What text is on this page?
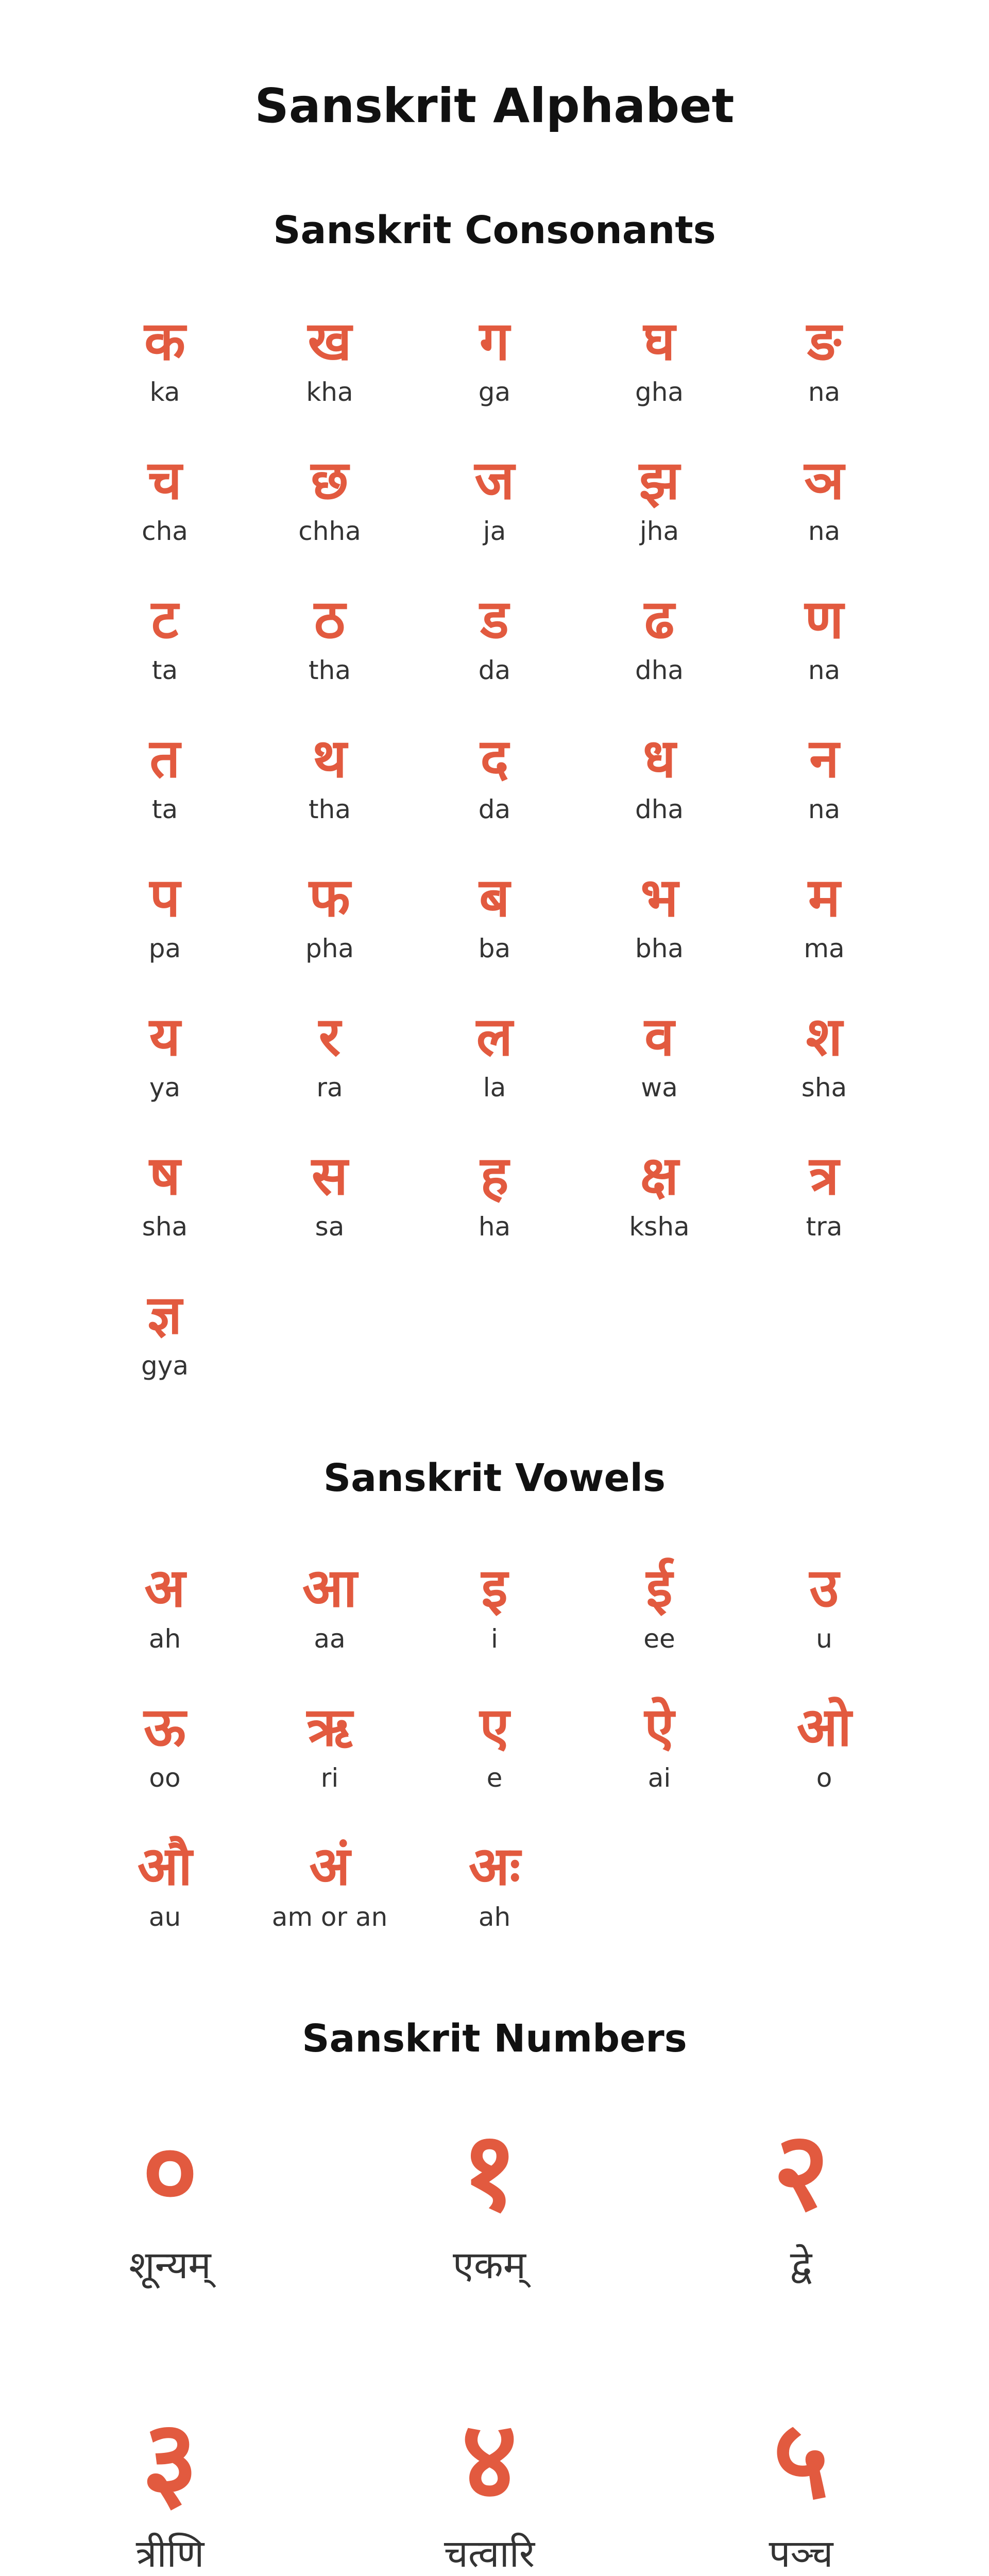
Sanskrit Alphabet
Sanskrit Consonants
क
ka
ख
kha
ग
ga
घ
gha
ङ
na
च
cha
छ
chha
ज
ja
झ
jha
ञ
na
ट
ta
ठ
tha
ड
da
ढ
dha
ण
na
त
ta
थ
tha
द
da
ध
dha
न
na
प
pa
फ
pha
ब
ba
भ
bha
म
ma
य
ya
र
ra
ल
la
व
wa
श
sha
ष
sha
स
sa
ह
ha
क्ष
ksha
त्र
tra
ज्ञ
gya
Sanskrit Vowels
अ
ah
आ
aa
इ
i
ई
ee
उ
u
ऊ
oo
ऋ
ri
ए
e
ऐ
ai
ओ
o
औ
au
अं
am or an
अः
ah
Sanskrit Numbers
०
शून्यम्
१
एकम्
२
द्वे
३
त्रीणि
४
चत्वारि
५
पञ्च
